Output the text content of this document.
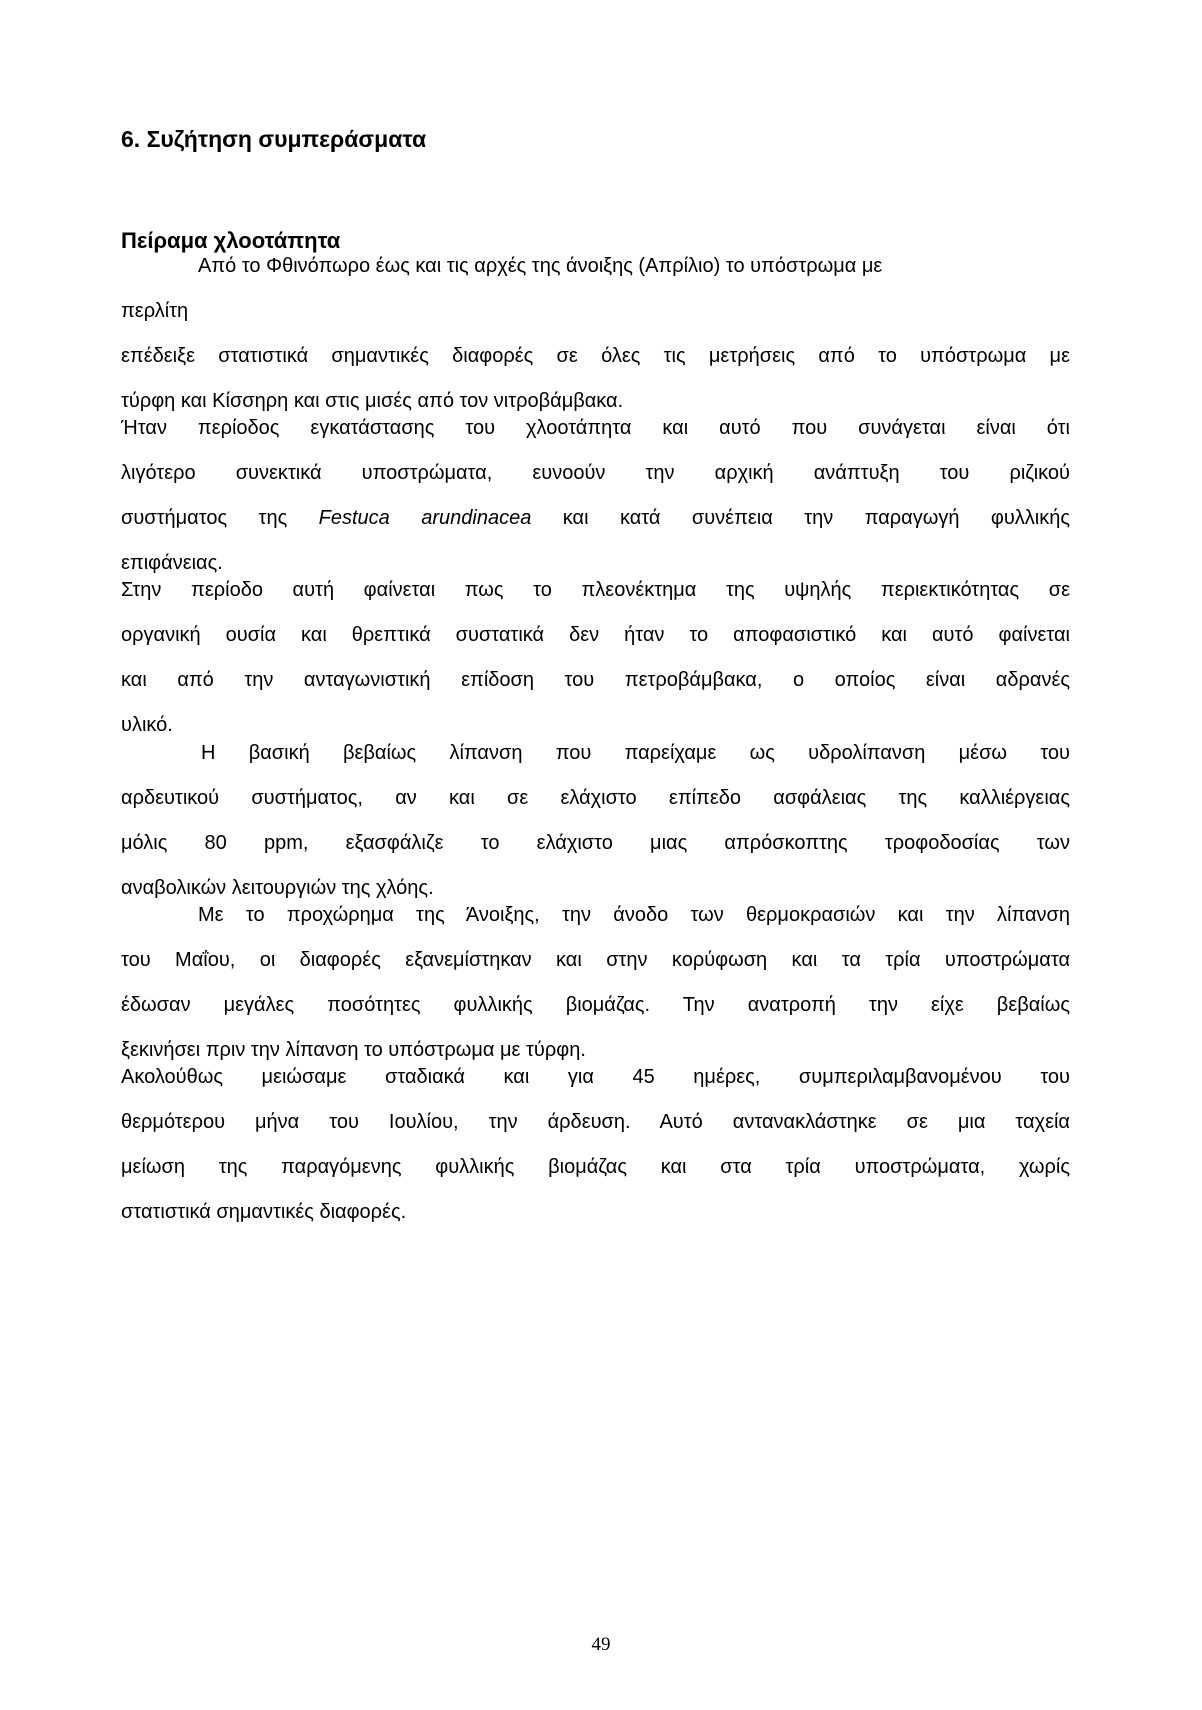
6. Συζήτηση συμπεράσματα
Πείραμα χλοοτάπητα
Από το Φθινόπωρο έως και τις αρχές της άνοιξης (Απρίλιο) το υπόστρωμα με
περλίτη
επέδειξε στατιστικά σημαντικές διαφορές σε όλες τις μετρήσεις από το υπόστρωμα με
τύρφη και Κίσσηρη και στις μισές από τον νιτροβάμβακα.
Ήταν περίοδος εγκατάστασης του χλοοτάπητα και αυτό που συνάγεται είναι ότι
λιγότερο συνεκτικά υποστρώματα, ευνοούν την αρχική ανάπτυξη του ριζικού
συστήματος της Festuca arundinacea και κατά συνέπεια την παραγωγή φυλλικής
επιφάνειας.
Στην περίοδο αυτή φαίνεται πως το πλεονέκτημα της υψηλής περιεκτικότητας σε
οργανική ουσία και θρεπτικά συστατικά δεν ήταν το αποφασιστικό και αυτό φαίνεται
και από την ανταγωνιστική επίδοση του πετροβάμβακα, ο οποίος είναι αδρανές
υλικό.
Η βασική βεβαίως λίπανση που παρείχαμε ως υδρολίπανση μέσω του
αρδευτικού συστήματος, αν και σε ελάχιστο επίπεδο ασφάλειας της καλλιέργειας
μόλις 80 ppm, εξασφάλιζε το ελάχιστο μιας απρόσκοπτης τροφοδοσίας των
αναβολικών λειτουργιών της χλόης.
Με το προχώρημα της Άνοιξης, την άνοδο των θερμοκρασιών και την λίπανση
του Μαΐου, οι διαφορές εξανεμίστηκαν και στην κορύφωση και τα τρία υποστρώματα
έδωσαν μεγάλες ποσότητες φυλλικής βιομάζας. Την ανατροπή την είχε βεβαίως
ξεκινήσει πριν την λίπανση το υπόστρωμα με τύρφη.
Ακολούθως μειώσαμε σταδιακά και για 45 ημέρες, συμπεριλαμβανομένου του
θερμότερου μήνα του Ιουλίου, την άρδευση. Αυτό αντανακλάστηκε σε μια ταχεία
μείωση της παραγόμενης φυλλικής βιομάζας και στα τρία υποστρώματα, χωρίς
στατιστικά σημαντικές διαφορές.
49
